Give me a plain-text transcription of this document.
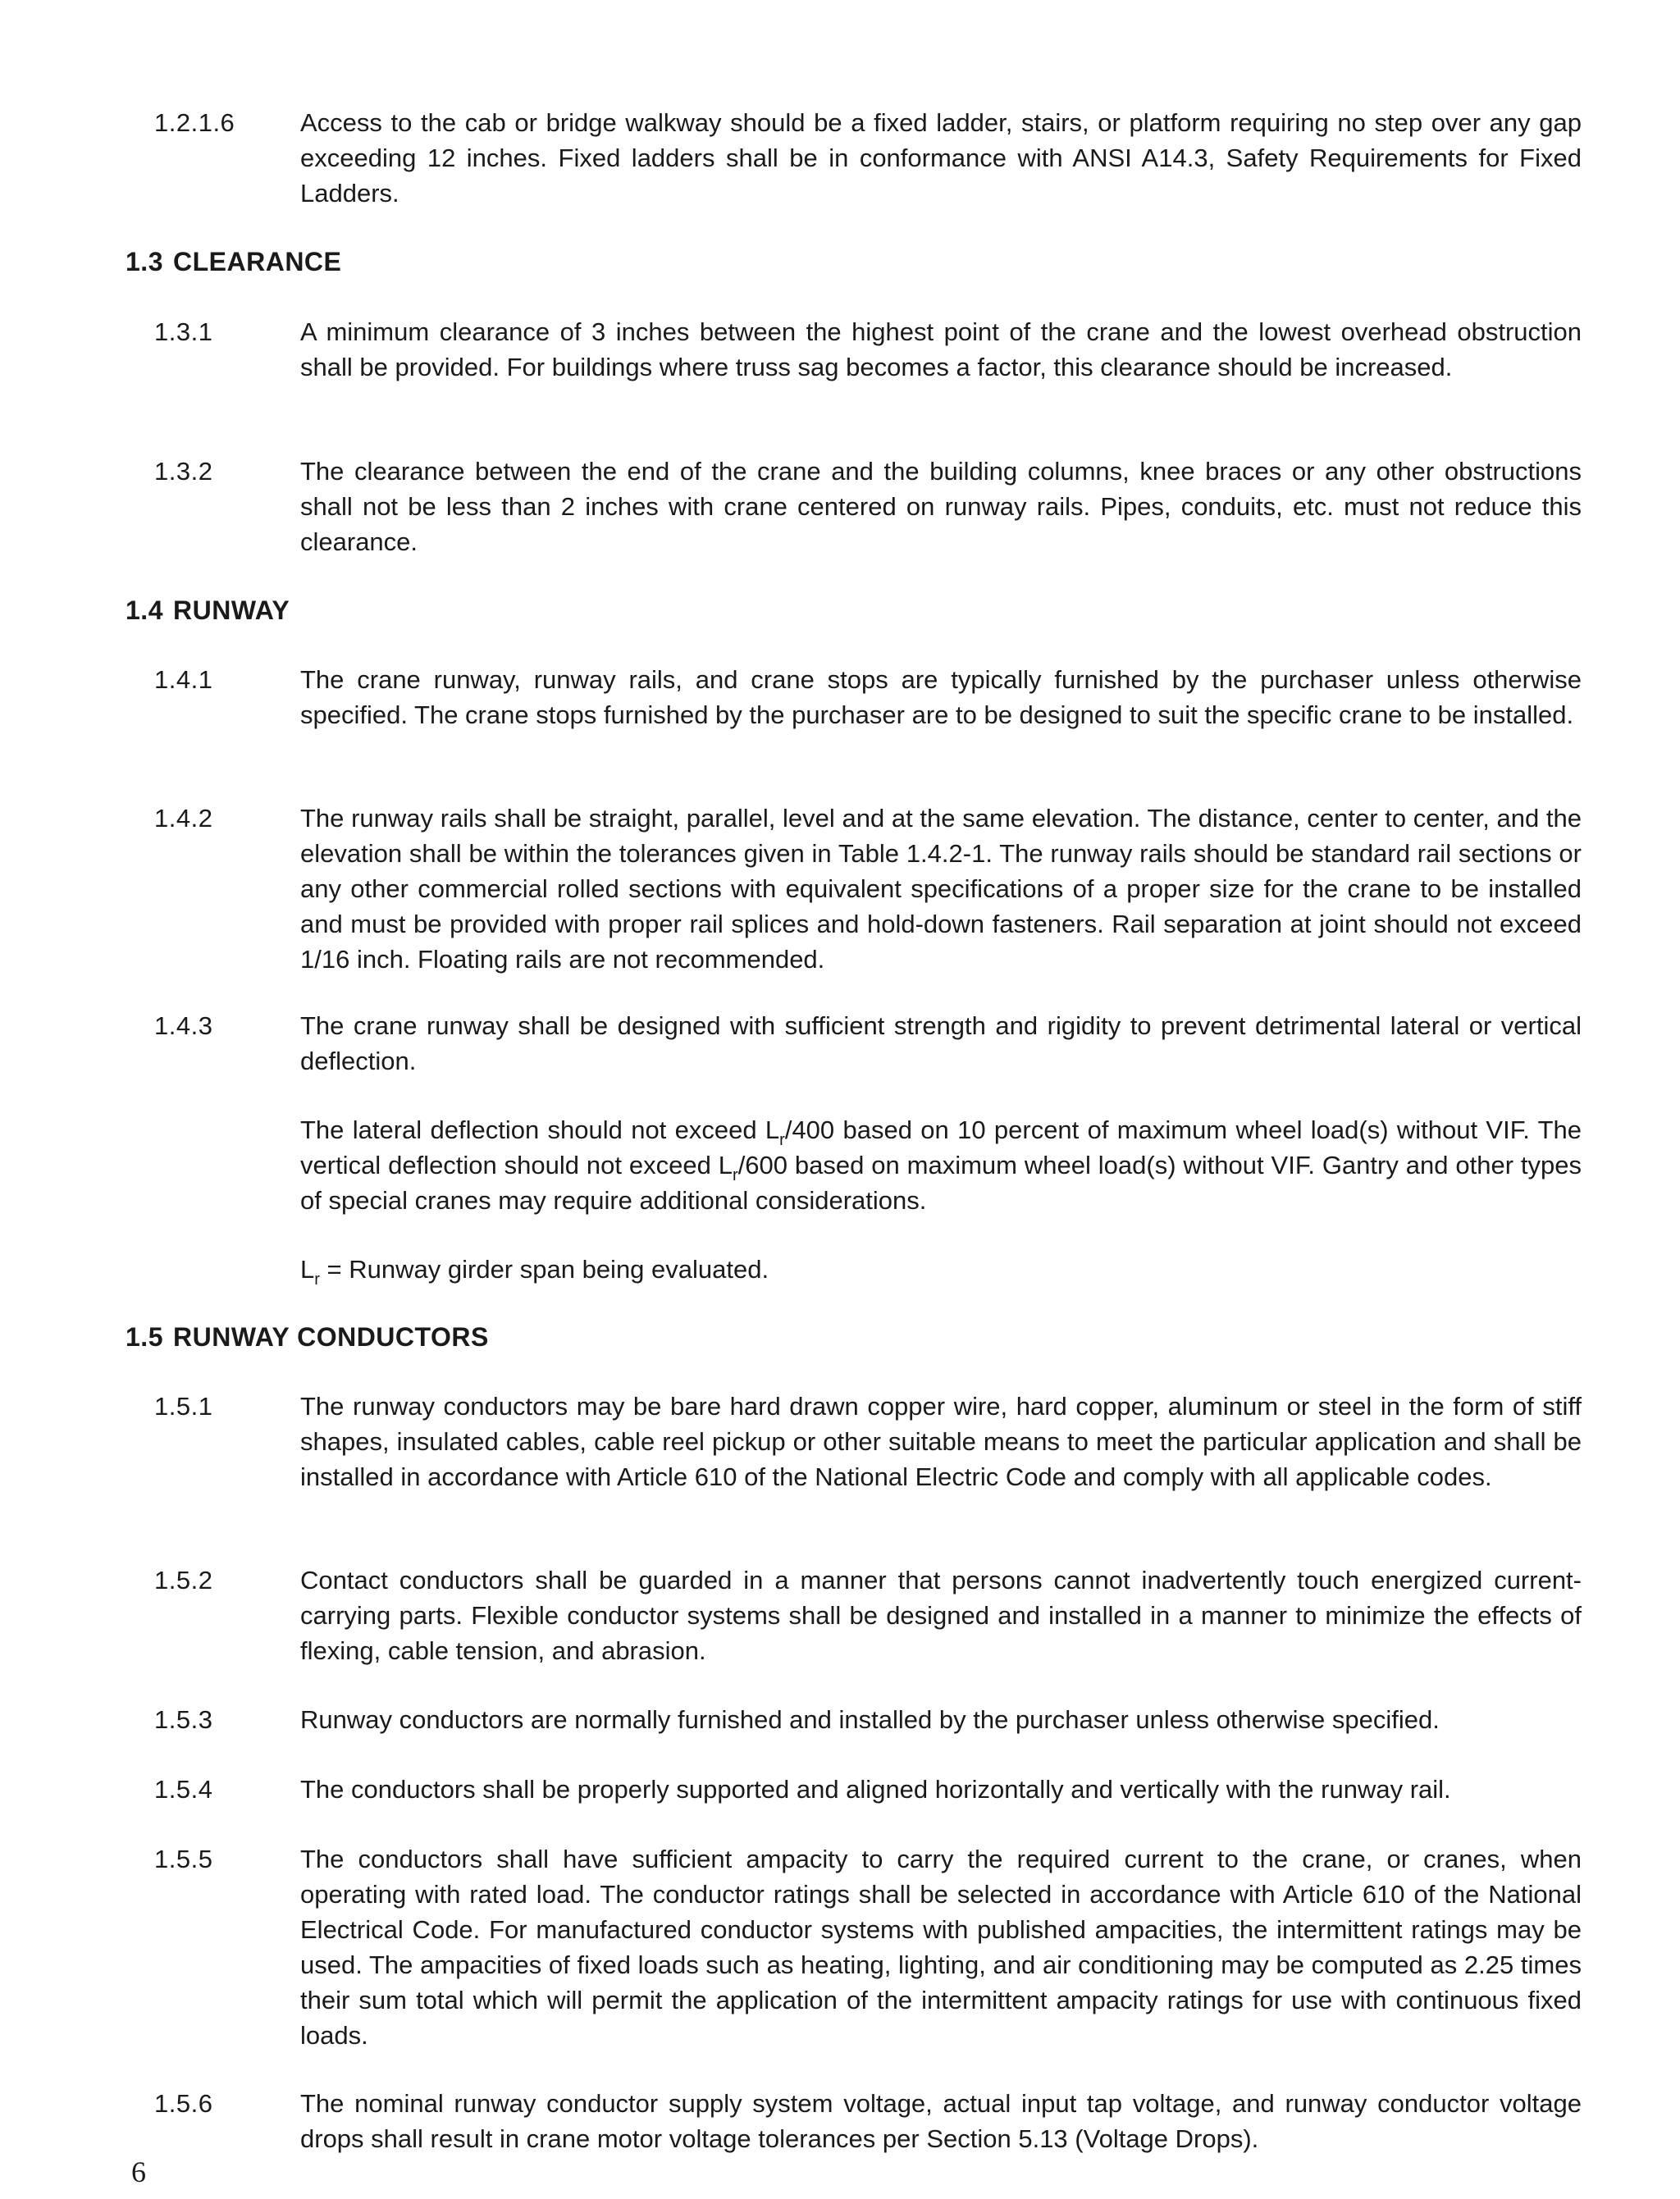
1.2.1.6	Access to the cab or bridge walkway should be a fixed ladder, stairs, or platform requiring no step over any gap exceeding 12 inches. Fixed ladders shall be in conformance with ANSI A14.3, Safety Requirements for Fixed Ladders.
1.3 CLEARANCE
1.3.1	A minimum clearance of 3 inches between the highest point of the crane and the lowest overhead obstruction shall be provided. For buildings where truss sag becomes a factor, this clearance should be increased.
1.3.2	The clearance between the end of the crane and the building columns, knee braces or any other obstructions shall not be less than 2 inches with crane centered on runway rails. Pipes, conduits, etc. must not reduce this clearance.
1.4 RUNWAY
1.4.1	The crane runway, runway rails, and crane stops are typically furnished by the purchaser unless otherwise specified. The crane stops furnished by the purchaser are to be designed to suit the specific crane to be installed.
1.4.2	The runway rails shall be straight, parallel, level and at the same elevation. The distance, center to center, and the elevation shall be within the tolerances given in Table 1.4.2-1. The runway rails should be standard rail sections or any other commercial rolled sections with equivalent specifications of a proper size for the crane to be installed and must be provided with proper rail splices and hold-down fasteners. Rail separation at joint should not exceed 1/16 inch. Floating rails are not recommended.
1.4.3	The crane runway shall be designed with sufficient strength and rigidity to prevent detrimental lateral or vertical deflection.
The lateral deflection should not exceed $L_r/400$ based on 10 percent of maximum wheel load(s) without VIF. The vertical deflection should not exceed $L_r/600$ based on maximum wheel load(s) without VIF. Gantry and other types of special cranes may require additional considerations.
$L_r$ = Runway girder span being evaluated.
1.5 RUNWAY CONDUCTORS
1.5.1	The runway conductors may be bare hard drawn copper wire, hard copper, aluminum or steel in the form of stiff shapes, insulated cables, cable reel pickup or other suitable means to meet the particular application and shall be installed in accordance with Article 610 of the National Electric Code and comply with all applicable codes.
1.5.2	Contact conductors shall be guarded in a manner that persons cannot inadvertently touch energized current-carrying parts. Flexible conductor systems shall be designed and installed in a manner to minimize the effects of flexing, cable tension, and abrasion.
1.5.3	Runway conductors are normally furnished and installed by the purchaser unless otherwise specified.
1.5.4	The conductors shall be properly supported and aligned horizontally and vertically with the runway rail.
1.5.5	The conductors shall have sufficient ampacity to carry the required current to the crane, or cranes, when operating with rated load. The conductor ratings shall be selected in accordance with Article 610 of the National Electrical Code. For manufactured conductor systems with published ampacities, the intermittent ratings may be used. The ampacities of fixed loads such as heating, lighting, and air conditioning may be computed as 2.25 times their sum total which will permit the application of the intermittent ampacity ratings for use with continuous fixed loads.
1.5.6	The nominal runway conductor supply system voltage, actual input tap voltage, and runway conductor voltage drops shall result in crane motor voltage tolerances per Section 5.13 (Voltage Drops).
6
